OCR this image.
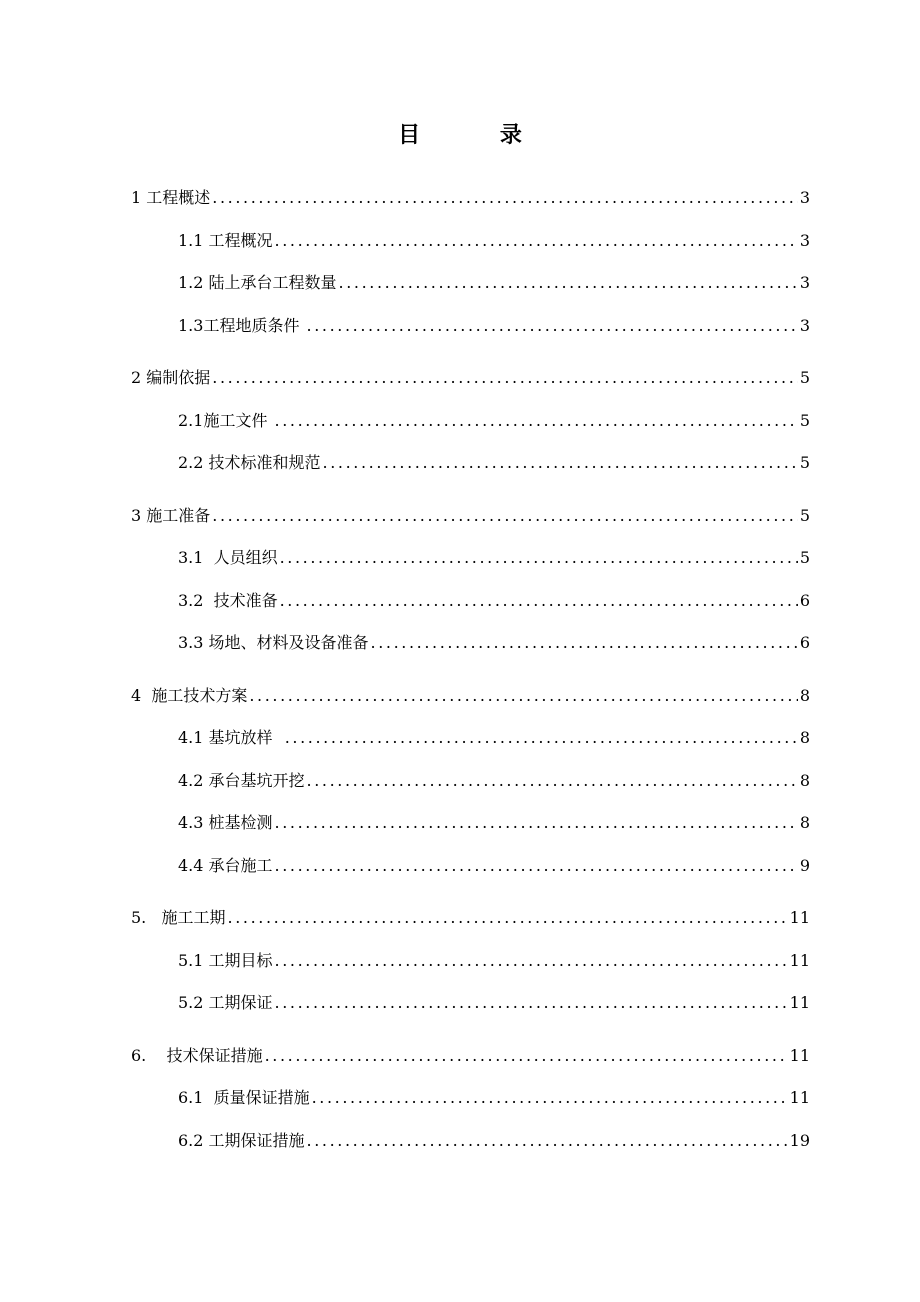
目 录
1 工程概述 .....	3
1.1 工程概况 .....	3
1.2 陆上承台工程数量 .....	3
1.3工程地质条件 .....	3
2 编制依据 .....	5
2.1施工文件 .....	5
2.2 技术标准和规范 .....	5
3 施工准备 .....	5
3.1  人员组织 .....	5
3.2  技术准备 .....	6
3.3 场地、材料及设备准备 .....	6
4  施工技术方案 .....	8
4.1 基坑放样 .....	8
4.2 承台基坑开挖 .....	8
4.3 桩基检测 .....	8
4.4 承台施工 .....	9
5.   施工工期 .....	11
5.1 工期目标 .....	11
5.2 工期保证 .....	11
6.    技术保证措施 .....	11
6.1  质量保证措施 .....	11
6.2 工期保证措施 .....	19
